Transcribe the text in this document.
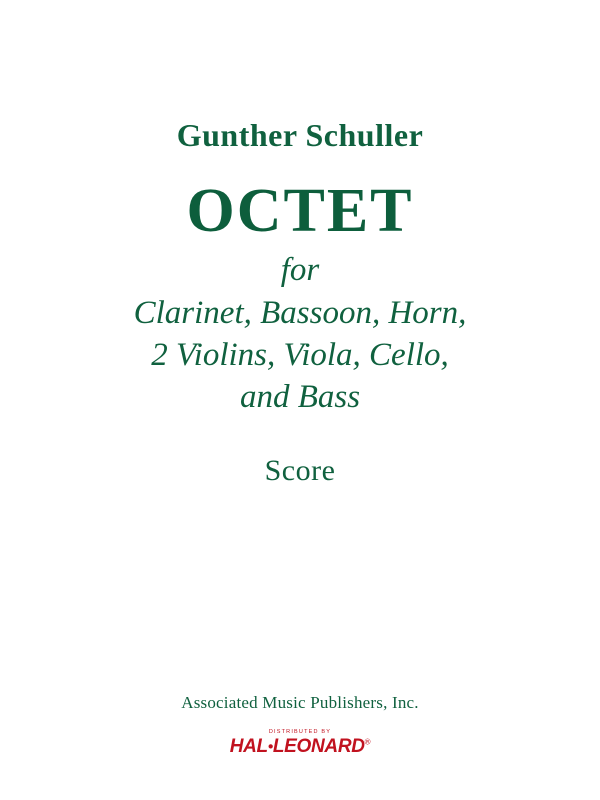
Gunther Schuller
OCTET

for

Clarinet, Bassoon, Horn,
2 Violins, Viola, Cello,
and Bass

Score

Associated Music Publishers, Inc.

DISTRIBUTED BY

HAL•LEONARD®
